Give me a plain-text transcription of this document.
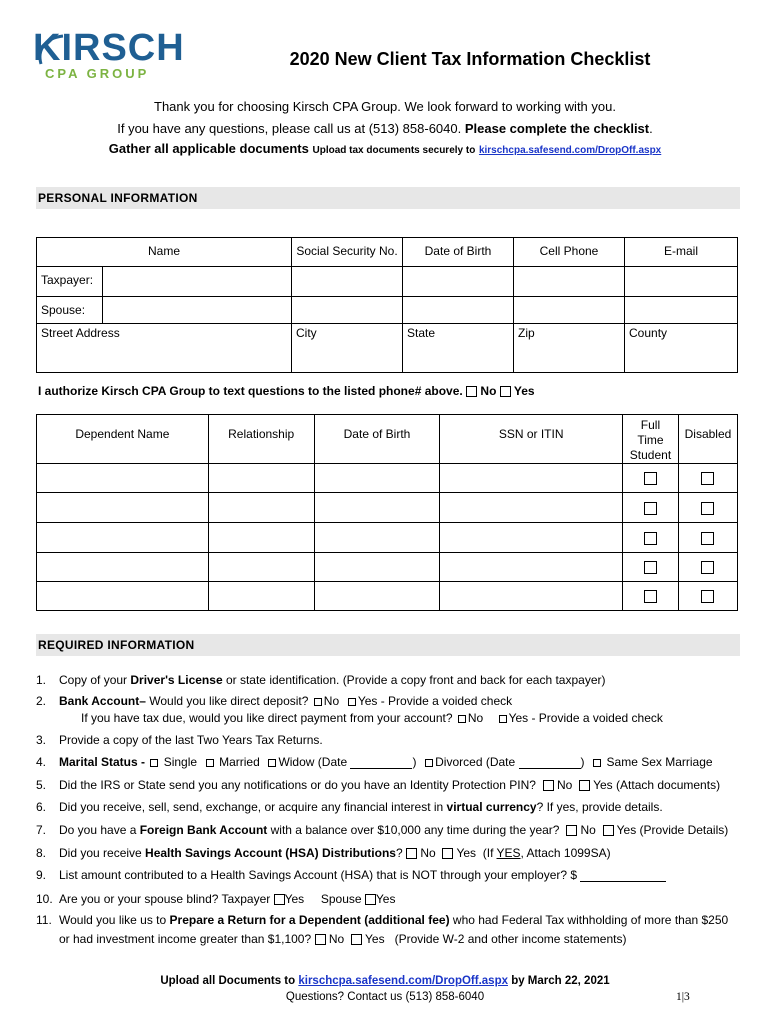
KIRSCH
CPA GROUP
2020 New Client Tax Information Checklist
Thank you for choosing Kirsch CPA Group. We look forward to working with you.
If you have any questions, please call us at (513) 858-6040. Please complete the checklist.
Gather all applicable documents Upload tax documents securely to kirschcpa.safesend.com/DropOff.aspx
PERSONAL INFORMATION
Name		Social Security No.	Date of Birth	Cell Phone	E-mail
Taxpayer:					
Spouse:					
Street Address		City	State	Zip	County
I authorize Kirsch CPA Group to text questions to the listed phone# above. No Yes
Dependent Name	Relationship	Date of Birth	SSN or ITIN	Full Time Student	Disabled

REQUIRED INFORMATION
1.	Copy of your Driver's License or state identification. (Provide a copy front and back for each taxpayer)
2.	Bank Account– Would you like direct deposit? No Yes - Provide a voided check
If you have tax due, would you like direct payment from your account? No Yes - Provide a voided check
3.	Provide a copy of the last Two Years Tax Returns.
4.	Marital Status -  Single Married Widow (Date	) Divorced (Date	) Same Sex Marriage
5.	Did the IRS or State send you any notifications or do you have an Identity Protection PIN? No Yes (Attach documents)
6.	Did you receive, sell, send, exchange, or acquire any financial interest in virtual currency? If yes, provide details.
7.	Do you have a Foreign Bank Account with a balance over $10,000 any time during the year? No Yes (Provide Details)
8.	Did you receive Health Savings Account (HSA) Distributions? No Yes (If YES, Attach 1099SA)
9.	List amount contributed to a Health Savings Account (HSA) that is NOT through your employer? $
10. Are you or your spouse blind? Taxpayer Yes Spouse Yes
11. Would you like us to Prepare a Return for a Dependent (additional fee) who had Federal Tax withholding of more than $250
or had investment income greater than $1,100? No Yes (Provide W-2 and other income statements)
Upload all Documents to kirschcpa.safesend.com/DropOff.aspx by March 22, 2021
Questions? Contact us (513) 858-6040	1|3
